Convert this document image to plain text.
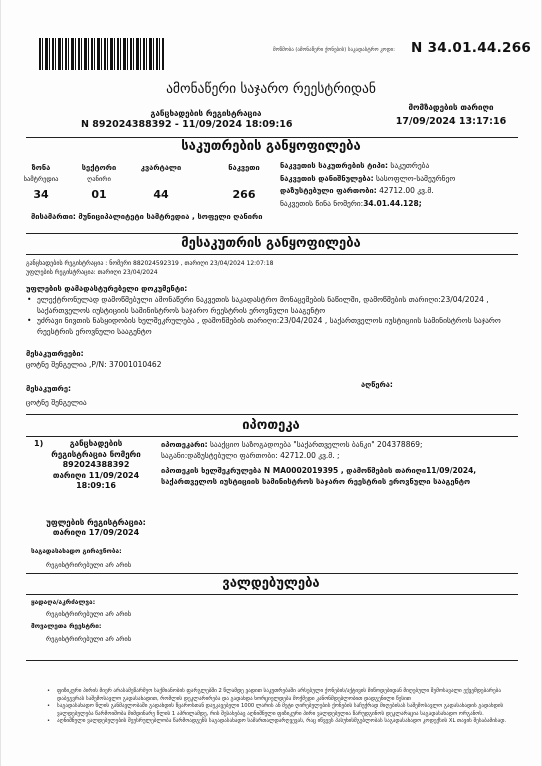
მოწმობა (ამონაწერი ქონების) საკადასტრო კოდი: N 34.01.44.266
ამონაწერი საჯარო რეესტრიდან
განცხადების რეგისტრაცია
N 892024388392 - 11/09/2024 18:09:16
მომზადების თარიღი
17/09/2024 13:17:16
საკუთრების განყოფილება
ზონა
სამტრედია
34
სექტორი
ღანირი
01
კვარტალი
44
ნაკვეთი
266
ნაკვეთის საკუთრების ტიპი: საკუთრება
ნაკვეთის დანიშნულება: სასოფლო-სამეურნეო
დაზუსტებული ფართობი: 42712.00 კვ.მ.
ნაკვეთის წინა ნომერი:34.01.44.128;
მისამართი: მუნიციპალიტეტი სამტრედია , სოფელი ღანირი
მესაკუთრის განყოფილება
განცხადების რეგისტრაცია : ნომერი 882024592319 , თარიღი 23/04/2024 12:07:18
უფლების რეგისტრაცია: თარიღი 23/04/2024
უფლების დამადასტურებელი დოკუმენტი:
• ელექტრონულად დამოწმებული ამონაწერი ნაკვეთის საკადასტრო მონაცემების ნაწილში, დამოწმების თარიღი:23/04/2024 , საქართველოს იუსტიციის სამინისტროს საჯარო რეესტრის ეროვნული სააგენტო
• უძრავი ნივთის ნასყიდობის ხელშეკრულება , დამოწმების თარიღი:23/04/2024 , საქართველოს იუსტიციის სამინისტროს საჯარო რეესტრის ეროვნული სააგენტო
მესაკუთრეები:
ცოტნე შენგელია ,P/N: 37001010462
მესაკუთრე:	აღწერა:
ცოტნე შენგელია
იპოთეკა
1)	განცხადების რეგისტრაცია ნომერი
892024388392
თარიღი 11/09/2024 18:09:16
იპოთეკარი: სააქციო საზოგადოება "საქართველოს ბანკი" 204378869;
საგანი:დაზუსტებული ფართობი: 42712.00 კვ.მ. ;
იპოთეკის ხელშეკრულება N MA0002019395 , დამოწმების თარიღი11/09/2024, საქართველოს იუსტიციის სამინისტროს საჯარო რეესტრის ეროვნული სააგენტო
უფლების რეგისტრაცია:
თარიღი 17/09/2024
საგადასახადო გირავნობა:
რეგისტრირებული არ არის
ვალდებულება
ყადაღა/აკრძალვა:
რეგისტრირებული არ არის
მოვალეთა რეესტრი:
რეგისტრირებული არ არის
• ფიზიკური პირის მიერ არასამეწარმეო საქმიანობის ფარგლებში 2 წლამდე ვადით საკუთრებაში არსებული ქონების/აქტივის მიწოდებიდან მიღებული შემოსავალი ექვემდებარება დაბეგვრას საშემოსავლო გადასახადით, რომლის დეკლარირება და გადახდა ხორციელდება მოქმედი კანონმდებლობით დადგენილი წესით
• საგადასახადო წლის განმავლობაში გადახდის წყაროსთან დაუკავებელი 1000 ლარის ან მეტი ღირებულების ქონების საჩუქრად მიღებისას საშემოსავლო გადასახადის გადახდის ვალდებულება წარმოიშობა მიმდინარე წლის 1 აპრილამდე, რის შესახებაც აღნიშნული ფიზიკური პირი ვალდებულია წარუდგინოს დეკლარაცია საგადასახადო ორგანოს.
• აღნიშნული ვალდებულების შეუსრულებლობა წარმოადგენს საგადასახადო სამართალდარღვევას, რაც იწვევს პასუხისმგებლობას საგადასახადო კოდექსის XL თავის შესაბამისად.
